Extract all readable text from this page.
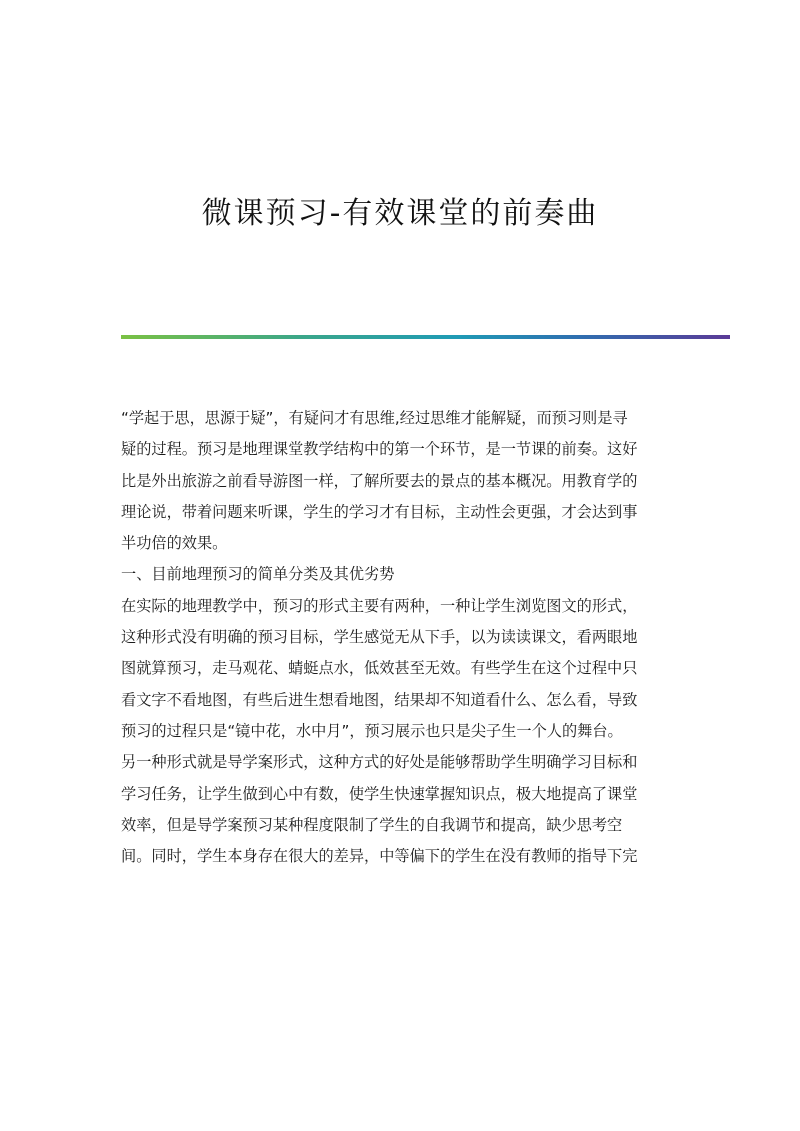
微课预习-有效课堂的前奏曲
“学起于思，思源于疑”，有疑问才有思维,经过思维才能解疑，而预习则是寻
疑的过程。预习是地理课堂教学结构中的第一个环节，是一节课的前奏。这好
比是外出旅游之前看导游图一样，了解所要去的景点的基本概况。用教育学的
理论说，带着问题来听课，学生的学习才有目标，主动性会更强，才会达到事
半功倍的效果。
一、目前地理预习的简单分类及其优劣势
在实际的地理教学中，预习的形式主要有两种，一种让学生浏览图文的形式，
这种形式没有明确的预习目标，学生感觉无从下手，以为读读课文，看两眼地
图就算预习，走马观花、蜻蜓点水，低效甚至无效。有些学生在这个过程中只
看文字不看地图，有些后进生想看地图，结果却不知道看什么、怎么看，导致
预习的过程只是“镜中花，水中月”，预习展示也只是尖子生一个人的舞台。
另一种形式就是导学案形式，这种方式的好处是能够帮助学生明确学习目标和
学习任务，让学生做到心中有数，使学生快速掌握知识点，极大地提高了课堂
效率，但是导学案预习某种程度限制了学生的自我调节和提高，缺少思考空
间。同时，学生本身存在很大的差异，中等偏下的学生在没有教师的指导下完
